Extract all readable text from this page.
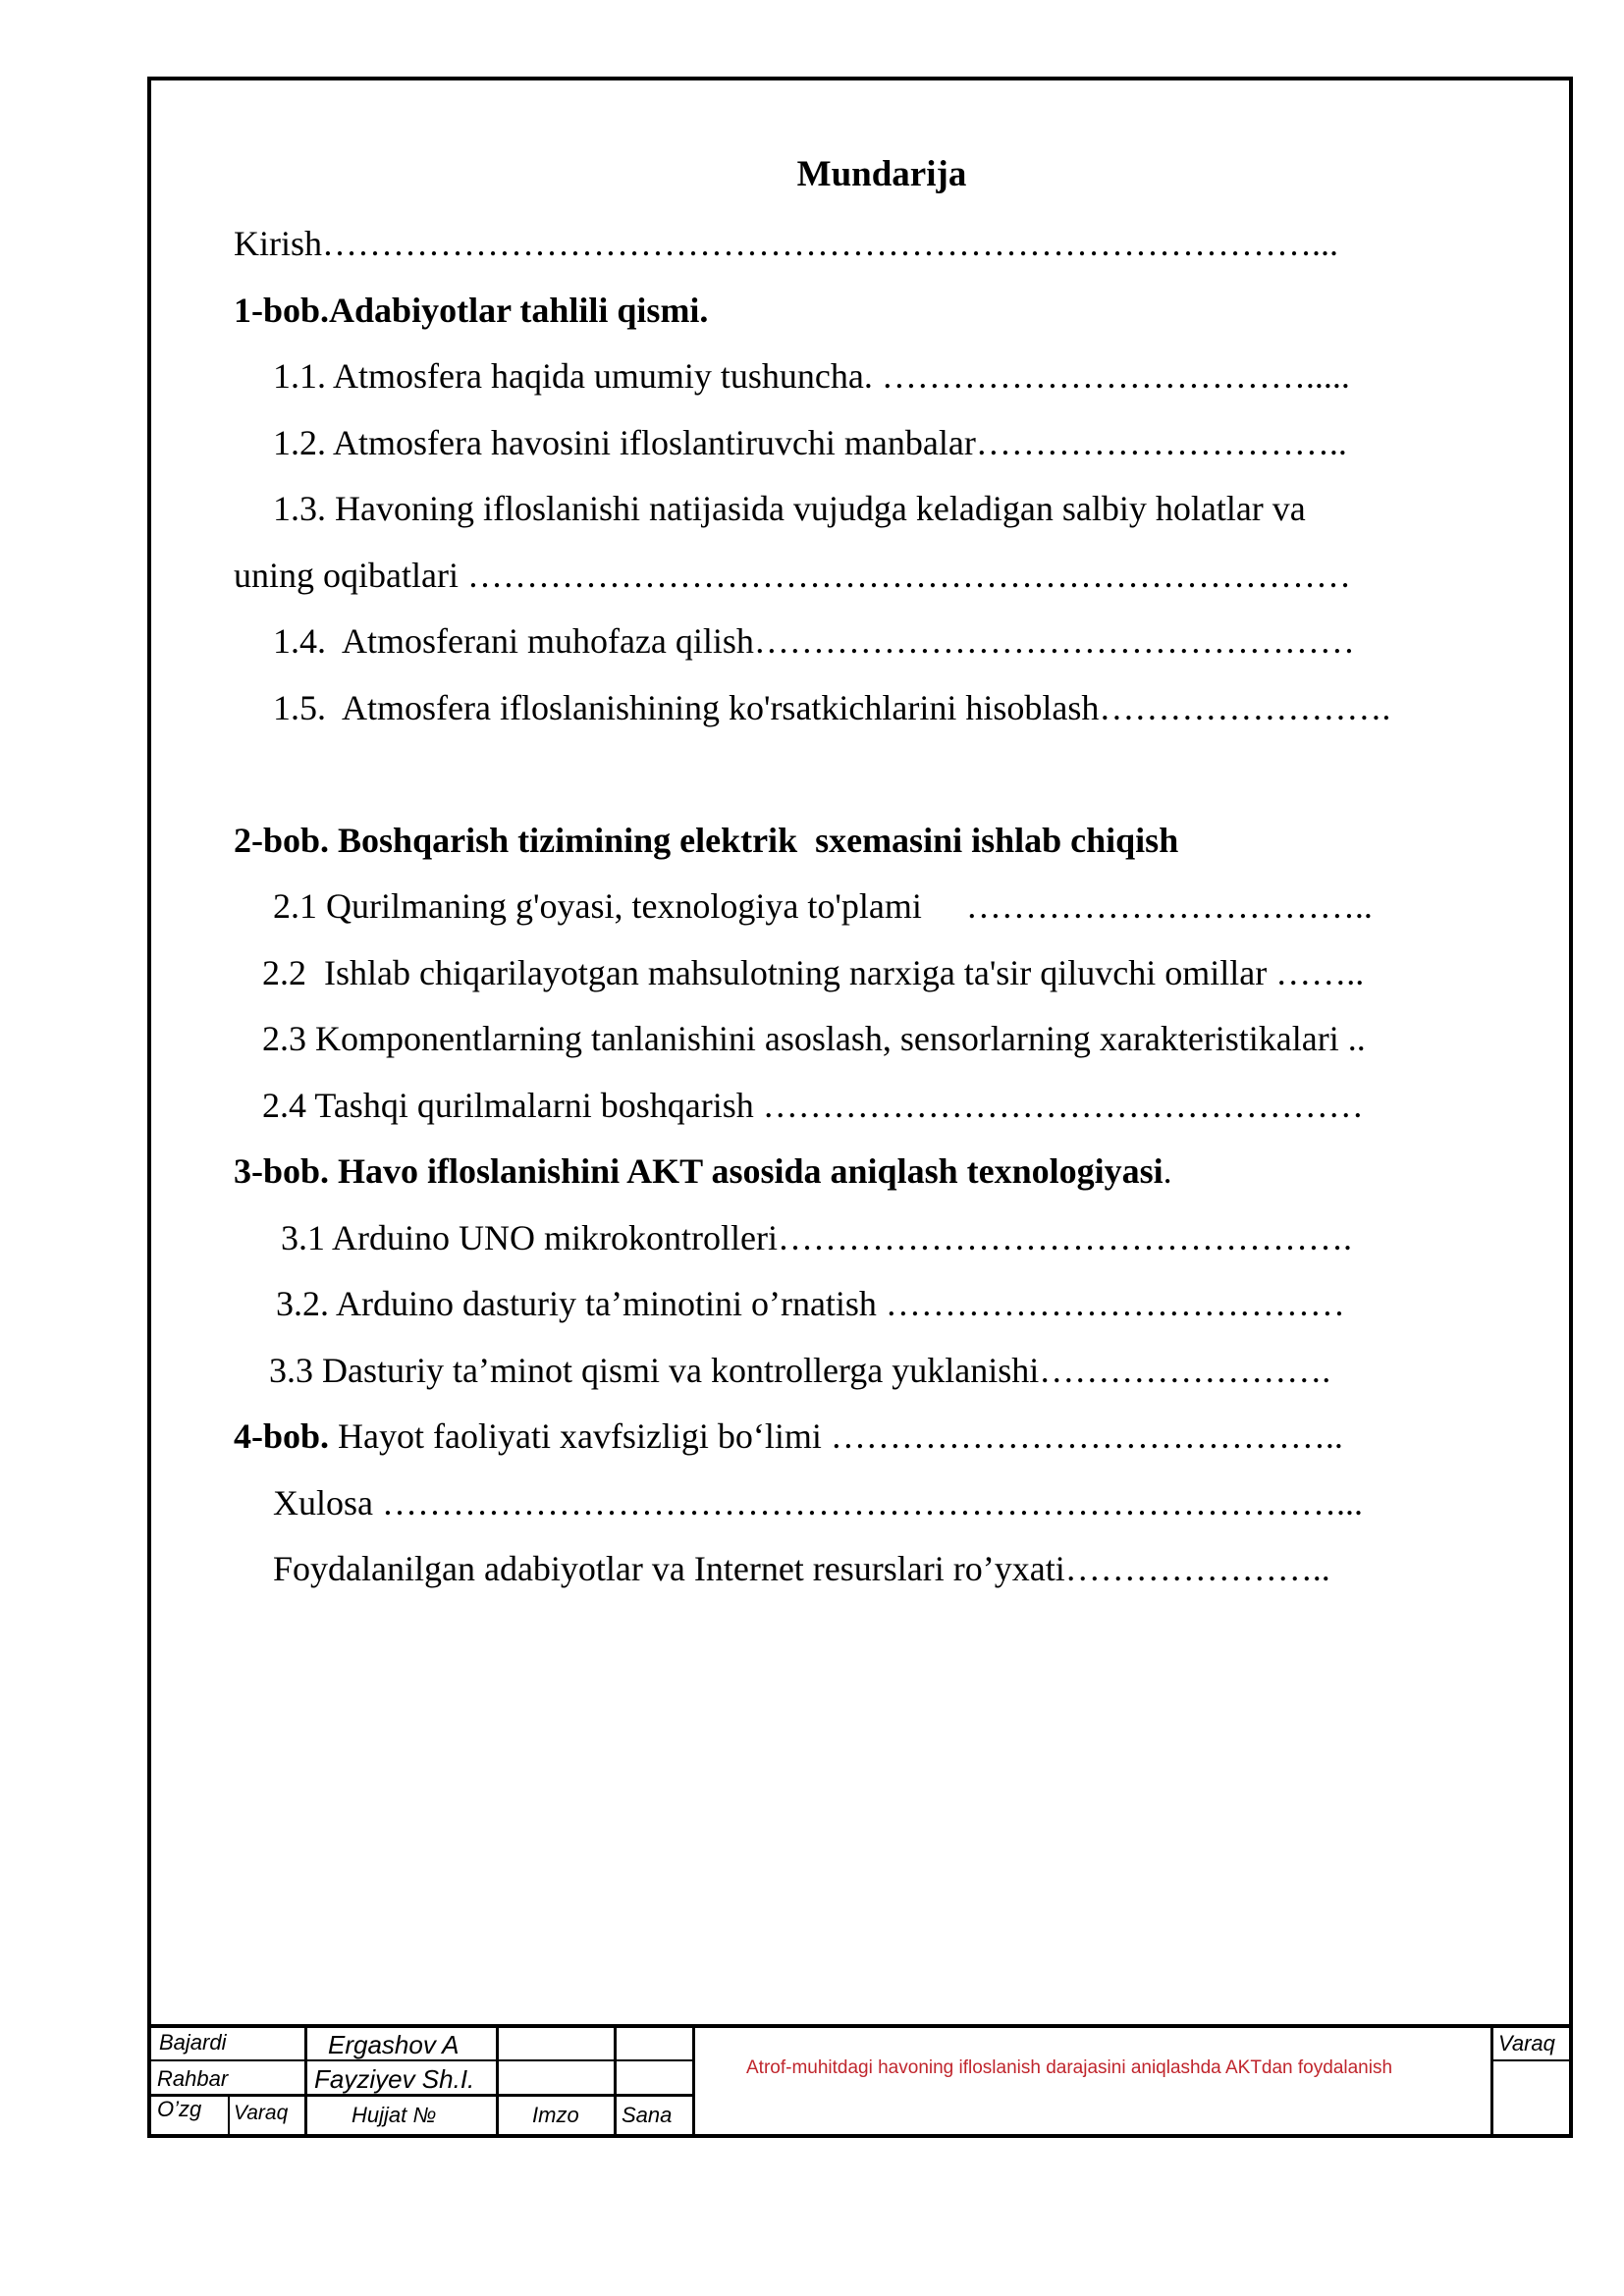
Mundarija
Kirish…………………………………………………………………………...
1-bob.Adabiyotlar tahlili qismi.
1.1. Atmosfera haqida umumiy tushuncha. ……………………………….....
1.2. Atmosfera havosini ifloslantiruvchi manbalar…………………………..
1.3. Havoning ifloslanishi natijasida vujudga keladigan salbiy holatlar va
uning oqibatlari …………………………………………………………………
1.4.  Atmosferani muhofaza qilish……………………………………………
1.5.  Atmosfera ifloslanishining ko'rsatkichlarini hisoblash…………………….
2-bob. Boshqarish tizimining elektrik  sxemasini ishlab chiqish
2.1 Qurilmaning g'oyasi, texnologiya to'plami     ……………………………..
2.2  Ishlab chiqarilayotgan mahsulotning narxiga ta'sir qiluvchi omillar ……..
2.3 Komponentlarning tanlanishini asoslash, sensorlarning xarakteristikalari ..
2.4 Tashqi qurilmalarni boshqarish ……………………………………………
3-bob. Havo ifloslanishini AKT asosida aniqlash texnologiyasi.
3.1 Arduino UNO mikrokontrolleri………………………………………….
3.2. Arduino dasturiy ta’minotini o’rnatish …………………………………
3.3 Dasturiy ta’minot qismi va kontrollerga yuklanishi…………………….
4-bob. Hayot faoliyati xavfsizligi bo‘limi ……………………………………..
Xulosa ………………………………………………………………………...
Foydalanilgan adabiyotlar va Internet resurslari ro’yxati…………………..
Bajardi	Ergashov A
Rahbar	Fayziyev Sh.I.
O’zg Varaq	Hujjat №	Imzo Sana
Atrof-muhitdagi havoning ifloslanish darajasini aniqlashda AKTdan foydalanish
Varaq
